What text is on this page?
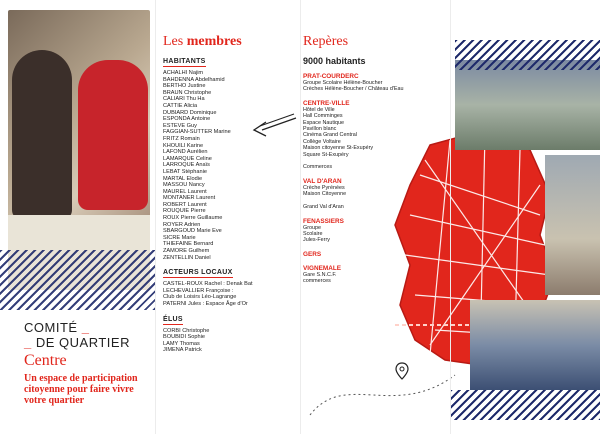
COMITÉ _
_ DE QUARTIER
Centre
Un espace de participation citoyenne pour faire vivre votre quartier
Les membres
HABITANTS
ACHALHI Najim
BAHDENNA Abdelhamid
BERTHO Justine
BRAUN Christophe
CALIARI Thu Ha
CATTIE Alicia
DUBIARD Dominique
ESPONDA Antoine
ESTEVE Guy
FAGGIAN-SUTTER Marine
FRITZ Romain
KHOUILI Karine
LAFOND Aurélien
LAMARQUE Celine
LARROQUE Anaïs
LEBAT Stéphanie
MARTAL Elodie
MASSOU Nancy
MAUREL Laurent
MONTANER Laurent
ROBERT Laurent
ROUQUIE Pierre
ROUX Pierre Guillaume
ROYER Adrien
SBARGOUD Marie Eve
SICRE Marie
THIEFAINE Bernard
ZAMORE Guilhem
ZENTELLIN Daniel
ACTEURS LOCAUX
CASTEL-ROUX Rachel : Denak Bat
LECHEVALLIER Françoise :
Club de Loisirs Léo-Lagrange
PATERNI Jules : Espace Âge d'Or
ÉLUS
CORBI Christophe
BOUBIDI Sophie
LAMY Thomas
JIMENA Patrick
Repères
9000 habitants
PRAT-COURDERC
Groupe Scolaire Hélène-Boucher
Crèches Hélène-Boucher / Château d'Eau
CENTRE-VILLE
Hôtel de Ville
Hall Comminges
Espace Nautique
Pavillon blanc
Cinéma Grand Central
Collège Voltaire
Maison citoyenne St-Exupéry
Square St-Exupéry

Commerces
VAL D'ARAN
Crèche Pyrénées
Maison Citoyenne

Grand Val d'Aran
FENASSIERS
Groupe
Scolaire
Jules-Ferry
GERS
VIGNEMALE
Gare S.N.C.F.
commerces
